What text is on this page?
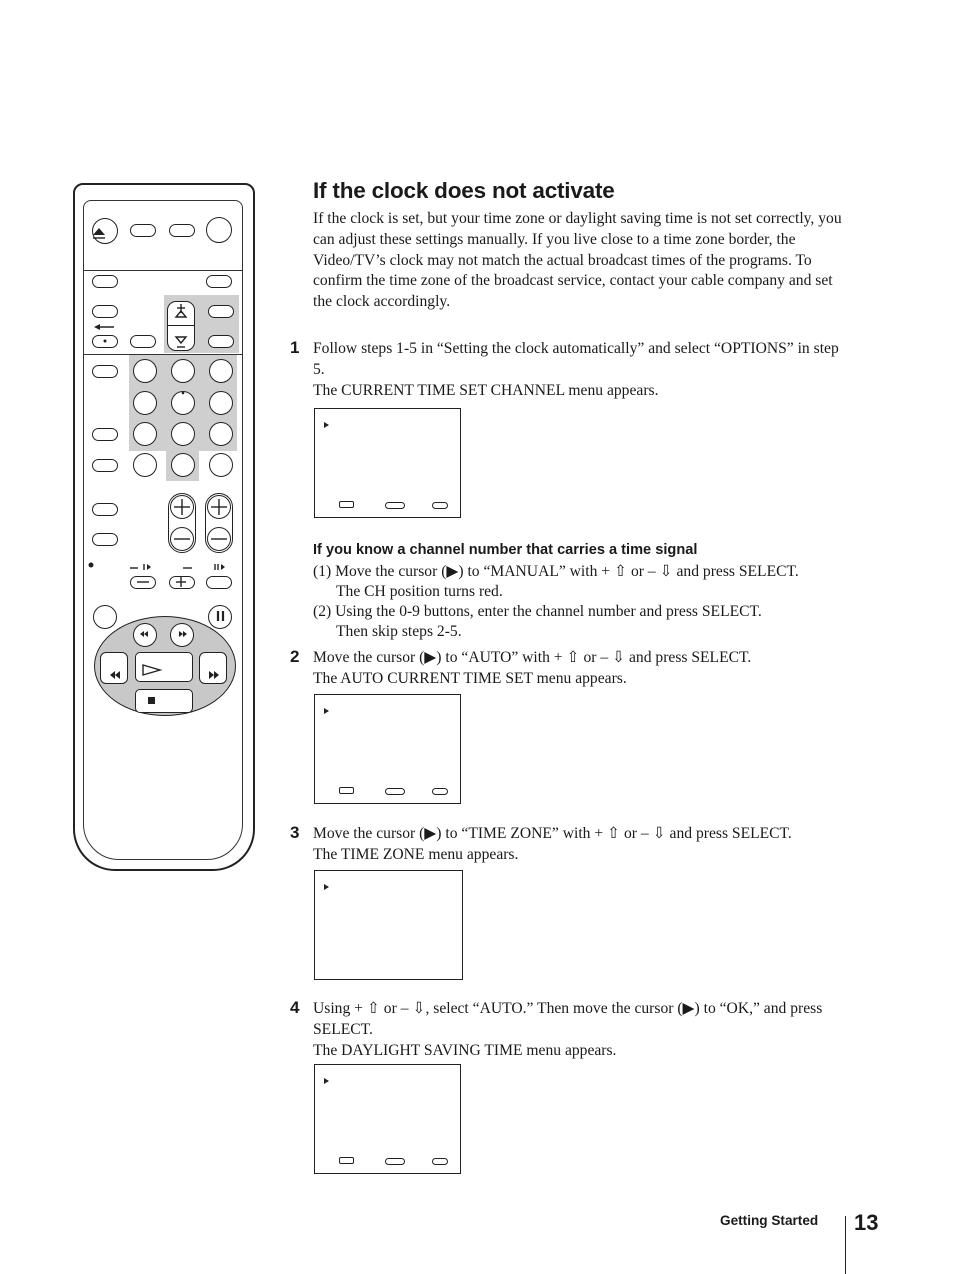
If the clock does not activate

If the clock is set, but your time zone or daylight saving time is not set correctly, you can adjust these settings manually. If you live close to a time zone border, the Video/TV’s clock may not match the actual broadcast times of the programs. To confirm the time zone of the broadcast service, contact your cable company and set the clock accordingly.

1 Follow steps 1-5 in “Setting the clock automatically” and select “OPTIONS” in step 5.
The CURRENT TIME SET CHANNEL menu appears.
If you know a channel number that carries a time signal
(1) Move the cursor (▶) to “MANUAL” with + ⇧ or – ⇩ and press SELECT.
The CH position turns red.
(2) Using the 0-9 buttons, enter the channel number and press SELECT.
Then skip steps 2-5.
2 Move the cursor (▶) to “AUTO” with + ⇧ or – ⇩ and press SELECT.
The AUTO CURRENT TIME SET menu appears.
3 Move the cursor (▶) to “TIME ZONE” with + ⇧ or – ⇩ and press SELECT.
The TIME ZONE menu appears.
4 Using + ⇧ or – ⇩, select “AUTO.” Then move the cursor (▶) to “OK,” and press SELECT.
The DAYLIGHT SAVING TIME menu appears.
Getting Started 13
